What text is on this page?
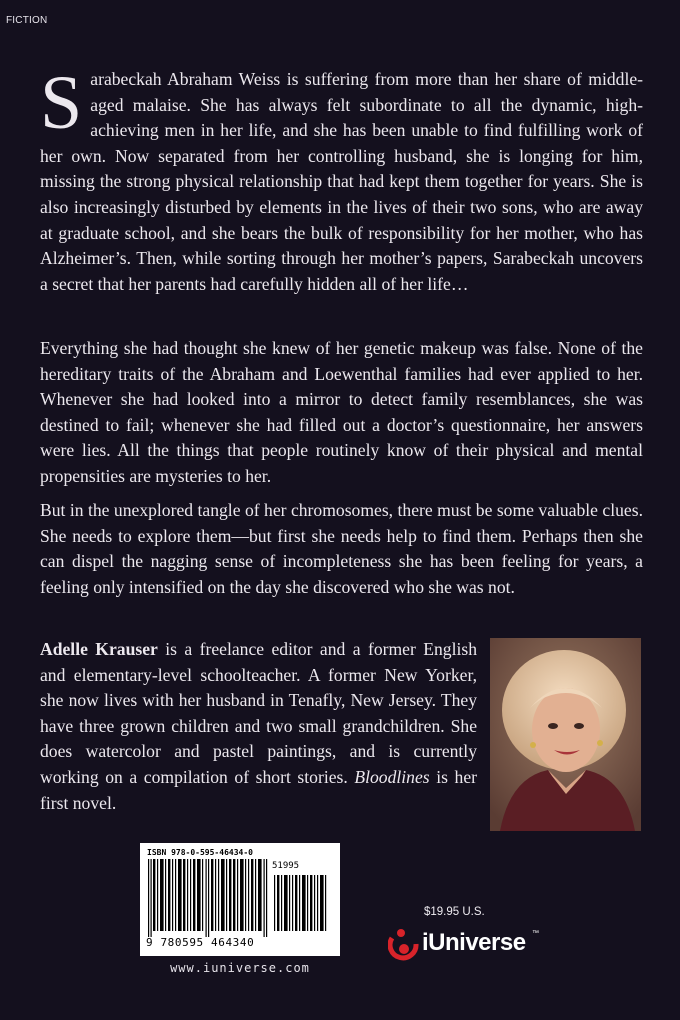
FICTION

Sarabeckah Abraham Weiss is suffering from more than her share of middle-aged malaise. She has always felt subordinate to all the dynamic, high-achieving men in her life, and she has been unable to find fulfilling work of her own. Now separated from her controlling husband, she is longing for him, missing the strong physical relationship that had kept them together for years. She is also increasingly disturbed by elements in the lives of their two sons, who are away at graduate school, and she bears the bulk of responsibility for her mother, who has Alzheimer’s. Then, while sorting through her mother’s papers, Sarabeckah uncovers a secret that her parents had carefully hidden all of her life…

Everything she had thought she knew of her genetic makeup was false. None of the hereditary traits of the Abraham and Loewenthal families had ever applied to her. Whenever she had looked into a mirror to detect family resemblances, she was destined to fail; whenever she had filled out a doctor’s questionnaire, her answers were lies. All the things that people routinely know of their physical and mental propensities are mysteries to her.

But in the unexplored tangle of her chromosomes, there must be some valuable clues. She needs to explore them—but first she needs help to find them. Perhaps then she can dispel the nagging sense of incompleteness she has been feeling for years, a feeling only intensified on the day she discovered who she was not.

Adelle Krauser is a freelance editor and a former English and elementary-level schoolteacher. A former New Yorker, she now lives with her husband in Tenafly, New Jersey. They have three grown children and two small grandchildren. She does watercolor and pastel paintings, and is currently working on a compilation of short stories. Bloodlines is her first novel.

ISBN 978-0-595-46434-0
51995
9 780595 464340
www.iuniverse.com
$19.95 U.S.
iUniverse ™
